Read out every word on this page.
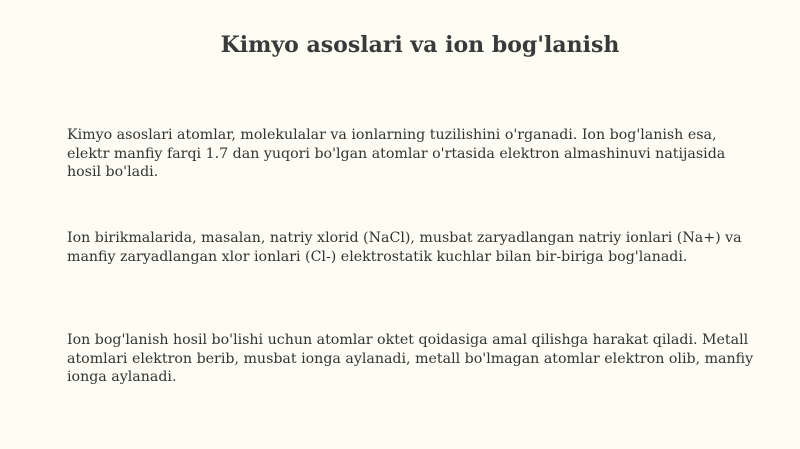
Kimyo asoslari va ion bog'lanish

Kimyo asoslari atomlar, molekulalar va ionlarning tuzilishini o'rganadi. Ion bog'lanish esa, elektr manfiy farqi 1.7 dan yuqori bo'lgan atomlar o'rtasida elektron almashinuvi natijasida hosil bo'ladi.

Ion birikmalarida, masalan, natriy xlorid (NaCl), musbat zaryadlangan natriy ionlari (Na+) va manfiy zaryadlangan xlor ionlari (Cl-) elektrostatik kuchlar bilan bir-biriga bog'lanadi.

Ion bog'lanish hosil bo'lishi uchun atomlar oktet qoidasiga amal qilishga harakat qiladi. Metall atomlari elektron berib, musbat ionga aylanadi, metall bo'lmagan atomlar elektron olib, manfiy ionga aylanadi.
